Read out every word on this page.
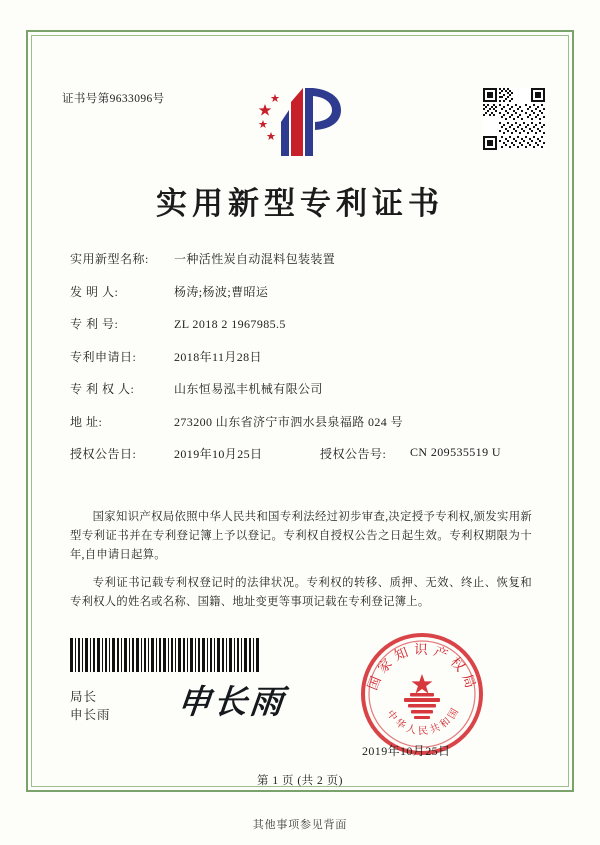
证书号第9633096号
实用新型专利证书
实用新型名称:	一种活性炭自动混料包装装置
发 明 人:	杨涛;杨波;曹昭运
专 利 号:	ZL 2018 2 1967985.5
专利申请日:	2018年11月28日
专 利 权 人:	山东恒易泓丰机械有限公司
地 址:	273200 山东省济宁市泗水县泉福路 024 号
授权公告日:	2019年10月25日	授权公告号:	CN 209535519 U

国家知识产权局依照中华人民共和国专利法经过初步审查,决定授予专利权,颁发实用新型专利证书并在专利登记簿上予以登记。专利权自授权公告之日起生效。专利权期限为十年,自申请日起算。

专利证书记载专利权登记时的法律状况。专利权的转移、质押、无效、终止、恢复和专利权人的姓名或名称、国籍、地址变更等事项记载在专利登记簿上。

局长
申长雨 申长雨
国家知识产权局
中华人民共和国
2019年10月25日
第 1 页 (共 2 页)
其他事项参见背面
